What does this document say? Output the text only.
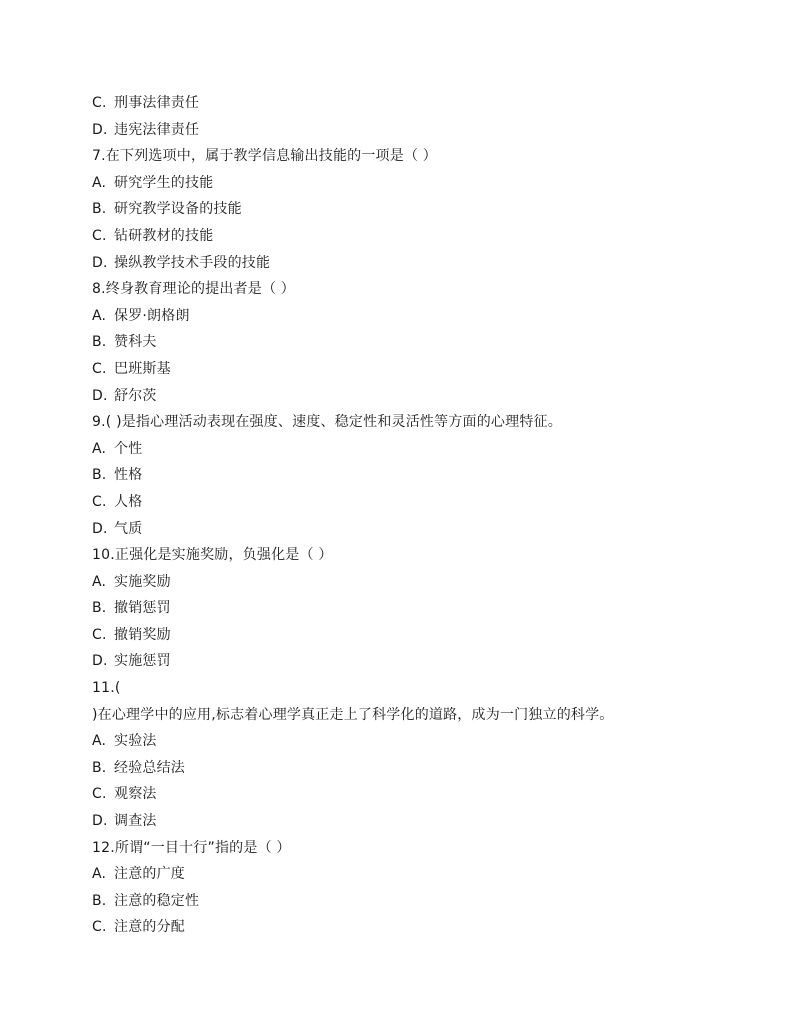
C. 刑事法律责任
D. 违宪法律责任
7.在下列选项中，属于教学信息输出技能的一项是（ ）
A. 研究学生的技能
B. 研究教学设备的技能
C. 钻研教材的技能
D. 操纵教学技术手段的技能
8.终身教育理论的提出者是（ ）
A. 保罗·朗格朗
B. 赞科夫
C. 巴班斯基
D. 舒尔茨
9.( )是指心理活动表现在强度、速度、稳定性和灵活性等方面的心理特征。
A. 个性
B. 性格
C. 人格
D. 气质
10.正强化是实施奖励，负强化是（ ）
A. 实施奖励
B. 撤销惩罚
C. 撤销奖励
D. 实施惩罚
11.(
)在心理学中的应用,标志着心理学真正走上了科学化的道路，成为一门独立的科学。
A. 实验法
B. 经验总结法
C. 观察法
D. 调查法
12.所谓“一目十行”指的是（ ）
A. 注意的广度
B. 注意的稳定性
C. 注意的分配
